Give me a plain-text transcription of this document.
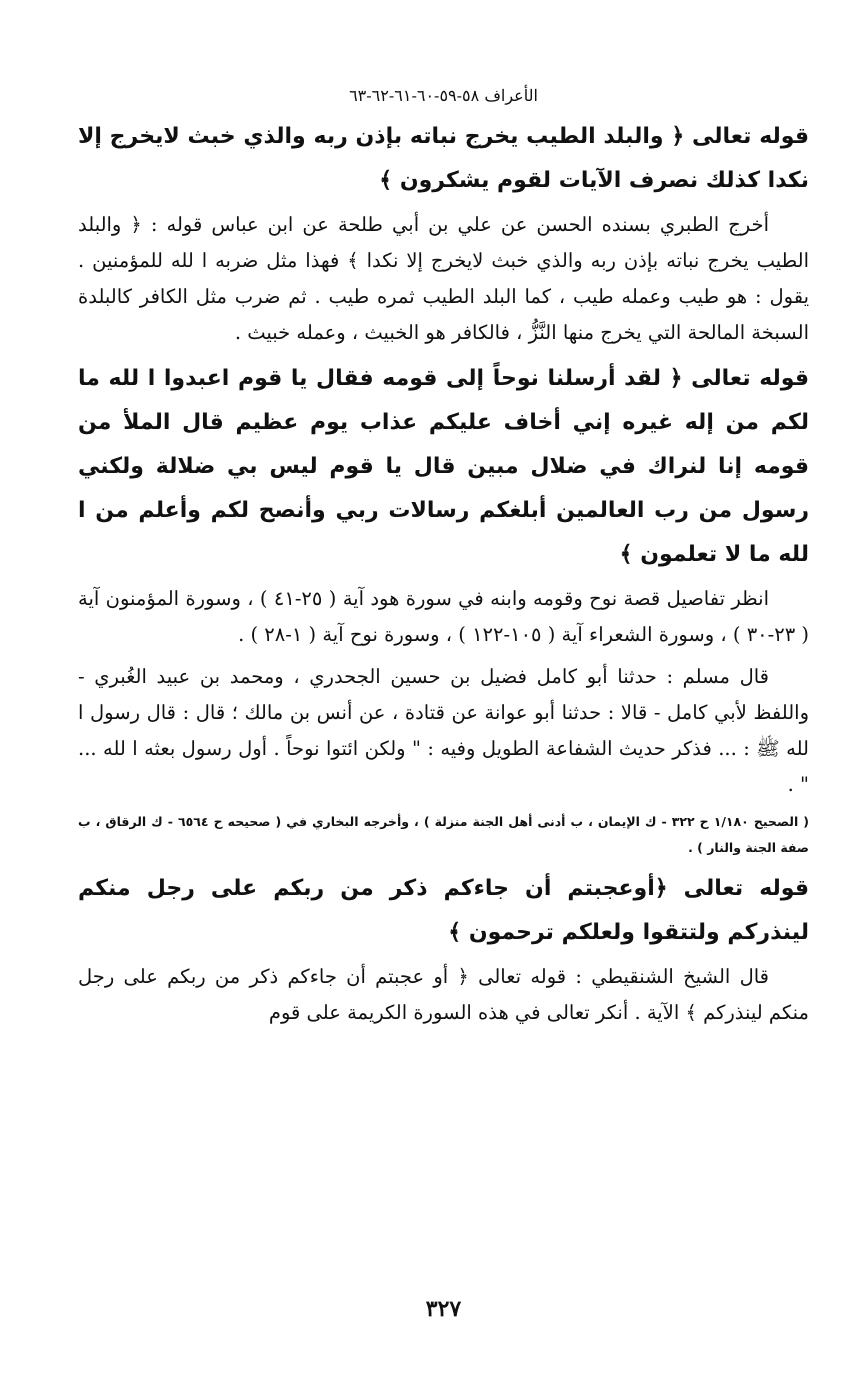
الأعراف ٥٨-٥٩-٦٠-٦١-٦٢-٦٣

قوله تعالى ﴿ والبلد الطيب يخرج نباته بإذن ربه والذي خبث لايخرج إلا نكدا كذلك نصرف الآيات لقوم يشكرون ﴾

أخرج الطبري بسنده الحسن عن علي بن أبي طلحة عن ابن عباس قوله : ﴿ والبلد الطيب يخرج نباته بإذن ربه والذي خبث لايخرج إلا نكدا ﴾ فهذا مثل ضربه ا لله للمؤمنين . يقول : هو طيب وعمله طيب ، كما البلد الطيب ثمره طيب . ثم ضرب مثل الكافر كالبلدة السبخة المالحة التي يخرج منها النَّزُّ ، فالكافر هو الخبيث ، وعمله خبيث .

قوله تعالى ﴿ لقد أرسلنا نوحاً إلى قومه فقال يا قوم اعبدوا ا لله ما لكم من إله غيره إني أخاف عليكم عذاب يوم عظيم قال الملأ من قومه إنا لنراك في ضلال مبين قال يا قوم ليس بي ضلالة ولكني رسول من رب العالمين أبلغكم رسالات ربي وأنصح لكم وأعلم من ا لله ما لا تعلمون ﴾

انظر تفاصيل قصة نوح وقومه وابنه في سورة هود آية ( ٢٥-٤١ ) ، وسورة المؤمنون آية ( ٢٣-٣٠ ) ، وسورة الشعراء آية ( ١٠٥-١٢٢ ) ، وسورة نوح آية ( ١-٢٨ ) .

قال مسلم : حدثنا أبو كامل فضيل بن حسين الجحدري ، ومحمد بن عبيد الغُبري - واللفظ لأبي كامل - قالا : حدثنا أبو عوانة عن قتادة ، عن أنس بن مالك ؛ قال : قال رسول ا لله ﷺ : ... فذكر حديث الشفاعة الطويل وفيه : " ولكن ائتوا نوحاً . أول رسول بعثه ا لله ... " .

( الصحيح ١/١٨٠ ح ٣٢٢ - ك الإيمان ، ب أدنى أهل الجنة منزلة ) ، وأخرجه البخاري في ( صحيحه ح ٦٥٦٤ - ك الرقاق ، ب صفة الجنة والنار ) .

قوله تعالى ﴿أوعجبتم أن جاءكم ذكر من ربكم على رجل منكم لينذركم ولتتقوا ولعلكم ترحمون ﴾

قال الشيخ الشنقيطي : قوله تعالى ﴿ أو عجبتم أن جاءكم ذكر من ربكم على رجل منكم لينذركم ﴾ الآية . أنكر تعالى في هذه السورة الكريمة على قوم

٣٢٧
